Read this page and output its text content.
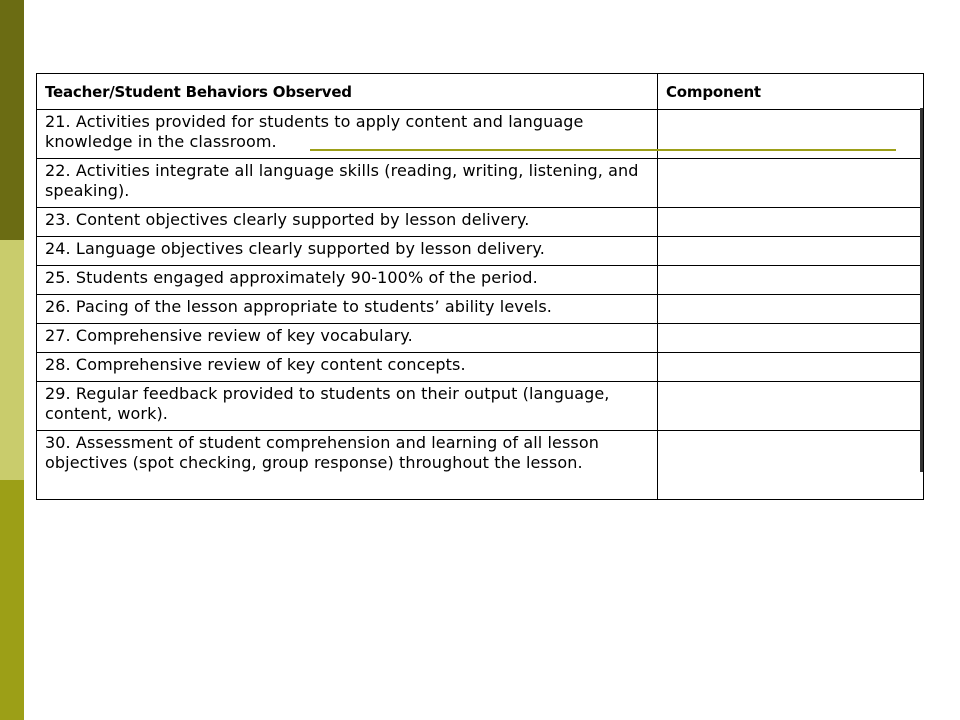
Teacher/Student Behaviors Observed	Component
21. Activities provided for students to apply content and language knowledge in the classroom.	
22. Activities integrate all language skills (reading, writing, listening, and speaking).	
23. Content objectives clearly supported by lesson delivery.	
24. Language objectives clearly supported by lesson delivery.	
25. Students engaged approximately 90-100% of the period.	
26. Pacing of the lesson appropriate to students’ ability levels.	
27. Comprehensive review of key vocabulary.	
28. Comprehensive review of key content concepts.	
29. Regular feedback provided to students on their output (language, content, work).	
30. Assessment of student comprehension and learning of all lesson objectives (spot checking, group response) throughout the lesson.	
